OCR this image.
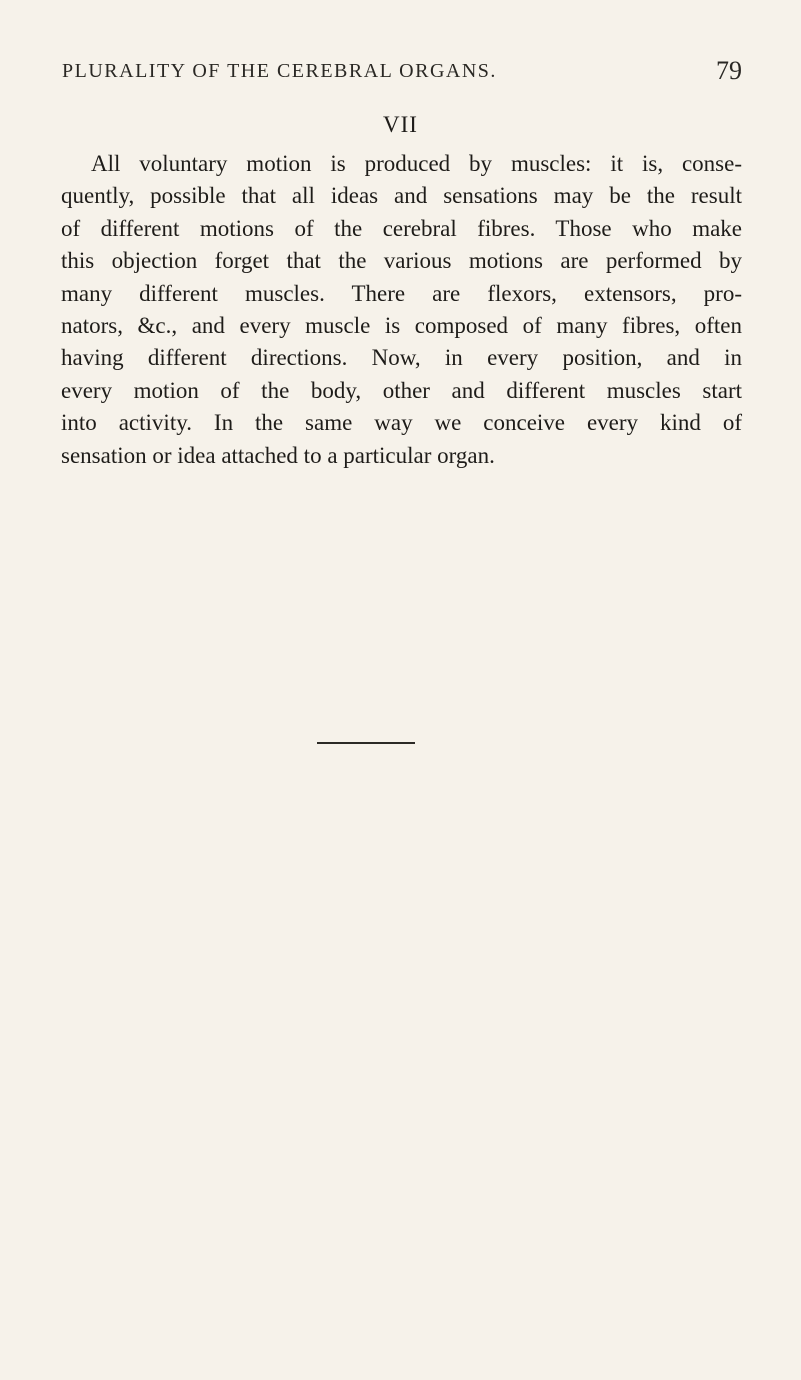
PLURALITY OF THE CEREBRAL ORGANS.	79
VII

All voluntary motion is produced by muscles: it is, conse-
quently, possible that all ideas and sensations may be the result
of different motions of the cerebral fibres. Those who make
this objection forget that the various motions are performed by
many different muscles. There are flexors, extensors, pro-
nators, &c., and every muscle is composed of many fibres, often
having different directions. Now, in every position, and in
every motion of the body, other and different muscles start
into activity. In the same way we conceive every kind of
sensation or idea attached to a particular organ.
